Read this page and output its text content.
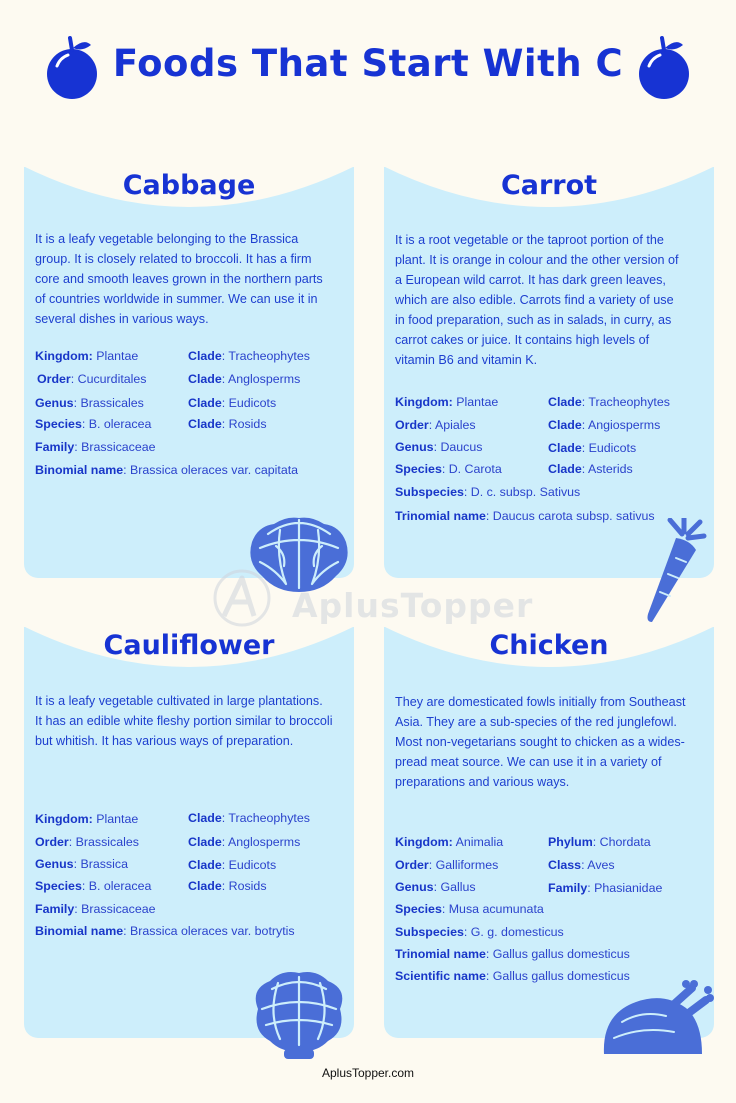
Foods That Start With C
Cabbage
It is a leafy vegetable belonging to the Brassica
group. It is closely related to broccoli. It has a firm
core and smooth leaves grown in the northern parts
of countries worldwide in summer. We can use it in
several dishes in various ways.
Kingdom: Plantae	Clade: Tracheophytes
Order: Cucurditales	Clade: Anglosperms
Genus: Brassicales	Clade: Eudicots
Species: B. oleracea	Clade: Rosids
Family: Brassicaceae
Binomial name: Brassica oleraces var. capitata
Carrot
It is a root vegetable or the taproot portion of the
plant. It is orange in colour and the other version of
a European wild carrot. It has dark green leaves,
which are also edible. Carrots find a variety of use
in food preparation, such as in salads, in curry, as
carrot cakes or juice. It contains high levels of
vitamin B6 and vitamin K.
Kingdom: Plantae	Clade: Tracheophytes
Order: Apiales	Clade: Angiosperms
Genus: Daucus	Clade: Eudicots
Species: D. Carota	Clade: Asterids
Subspecies: D. c. subsp. Sativus
Trinomial name: Daucus carota subsp. sativus
Cauliflower
It is a leafy vegetable cultivated in large plantations.
It has an edible white fleshy portion similar to broccoli
but whitish. It has various ways of preparation.
Kingdom: Plantae	Clade: Tracheophytes
Order: Brassicales	Clade: Anglosperms
Genus: Brassica	Clade: Eudicots
Species: B. oleracea	Clade: Rosids
Family: Brassicaceae
Binomial name: Brassica oleraces var. botrytis
Chicken
They are domesticated fowls initially from Southeast
Asia. They are a sub-species of the red junglefowl.
Most non-vegetarians sought to chicken as a wides-
pread meat source. We can use it in a variety of
preparations and various ways.
Kingdom: Animalia	Phylum: Chordata
Order: Galliformes	Class: Aves
Genus: Gallus	Family: Phasianidae
Species: Musa acumunata
Subspecies: G. g. domesticus
Trinomial name: Gallus gallus domesticus
Scientific name: Gallus gallus domesticus
AplusTopper
AplusTopper.com
